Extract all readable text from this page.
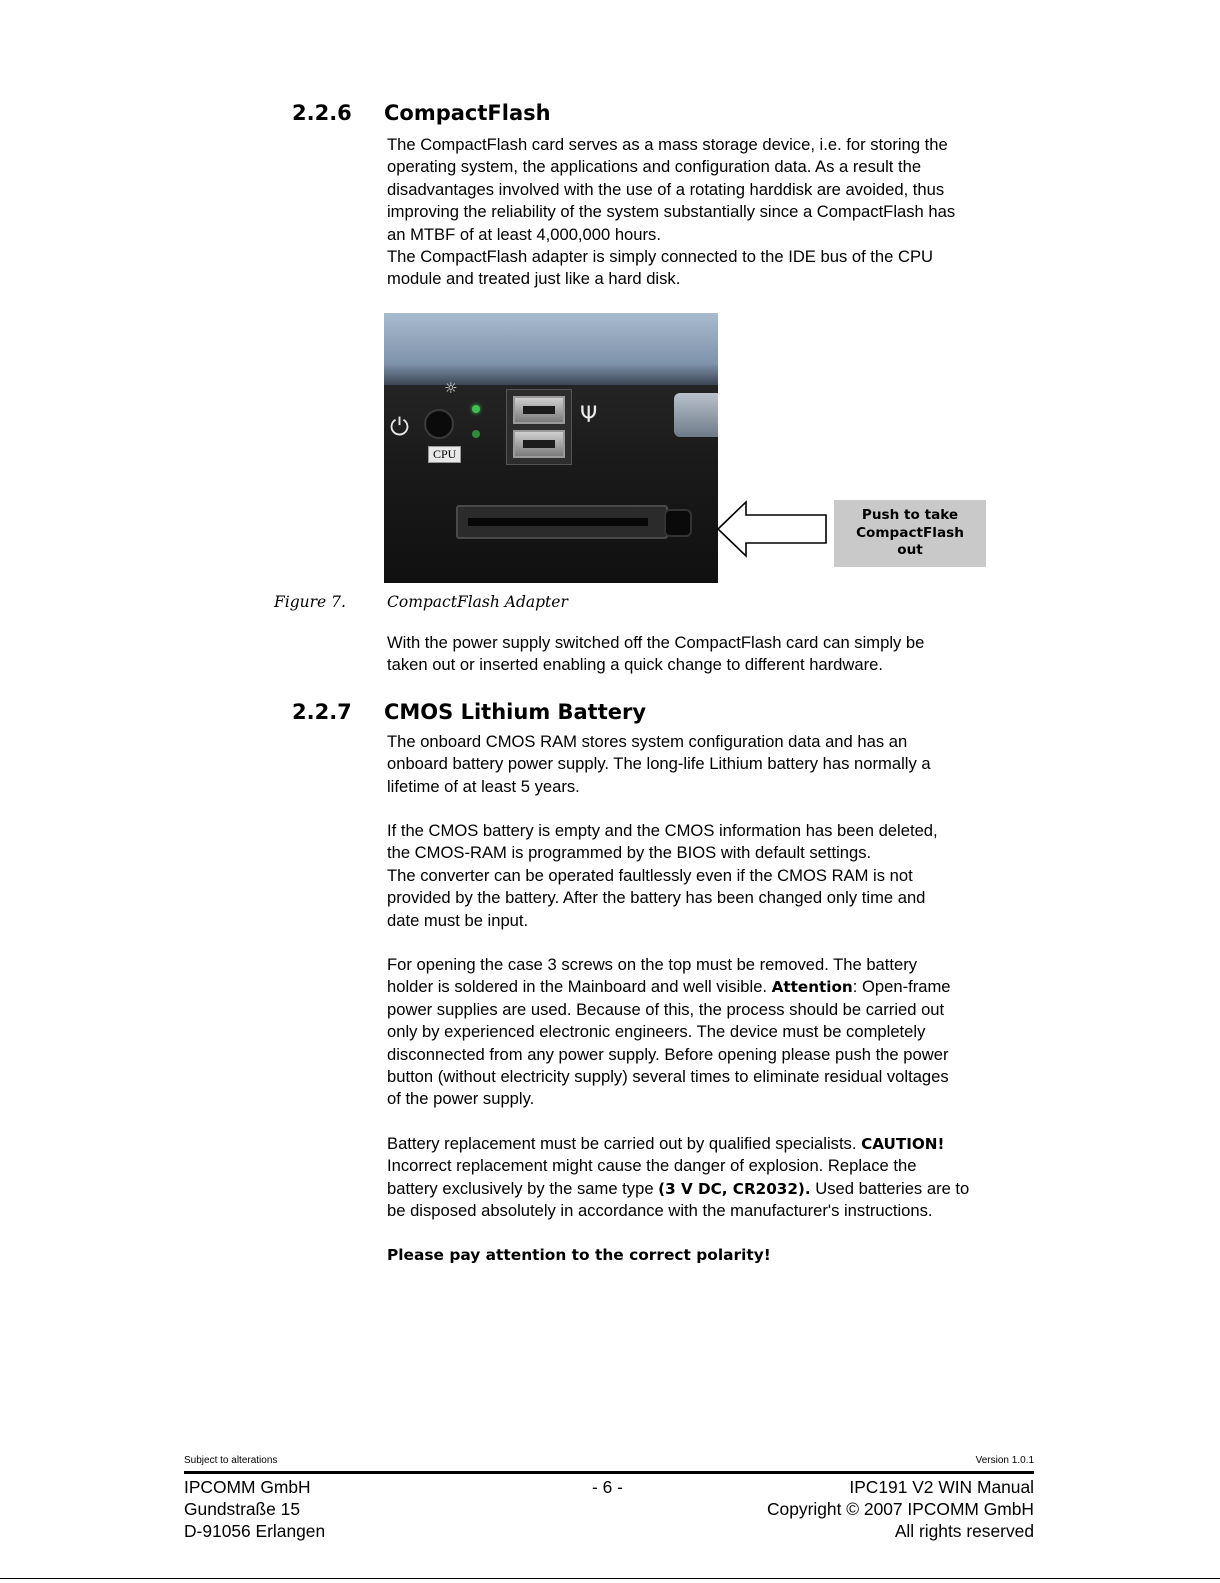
2.2.6 CompactFlash
The CompactFlash card serves as a mass storage device, i.e. for storing the
operating system, the applications and configuration data. As a result the
disadvantages involved with the use of a rotating harddisk are avoided, thus
improving the reliability of the system substantially since a CompactFlash has
an MTBF of at least 4,000,000 hours.
The CompactFlash adapter is simply connected to the IDE bus of the CPU
module and treated just like a hard disk.
⏻
☼
CPU
Ψ
Push to take
CompactFlash
out
Figure 7.	CompactFlash Adapter
With the power supply switched off the CompactFlash card can simply be
taken out or inserted enabling a quick change to different hardware.
2.2.7 CMOS Lithium Battery
The onboard CMOS RAM stores system configuration data and has an
onboard battery power supply. The long-life Lithium battery has normally a
lifetime of at least 5 years.
If the CMOS battery is empty and the CMOS information has been deleted,
the CMOS-RAM is programmed by the BIOS with default settings.
The converter can be operated faultlessly even if the CMOS RAM is not
provided by the battery. After the battery has been changed only time and
date must be input.
For opening the case 3 screws on the top must be removed. The battery
holder is soldered in the Mainboard and well visible. Attention: Open-frame
power supplies are used. Because of this, the process should be carried out
only by experienced electronic engineers. The device must be completely
disconnected from any power supply. Before opening please push the power
button (without electricity supply) several times to eliminate residual voltages
of the power supply.
Battery replacement must be carried out by qualified specialists. CAUTION!
Incorrect replacement might cause the danger of explosion. Replace the
battery exclusively by the same type (3 V DC, CR2032). Used batteries are to
be disposed absolutely in accordance with the manufacturer's instructions.
Please pay attention to the correct polarity!
Subject to alterations	Version 1.0.1
IPCOMM GmbH
Gundstraße 15
D-91056 Erlangen
- 6 -	IPC191 V2 WIN Manual
Copyright © 2007 IPCOMM GmbH
All rights reserved
